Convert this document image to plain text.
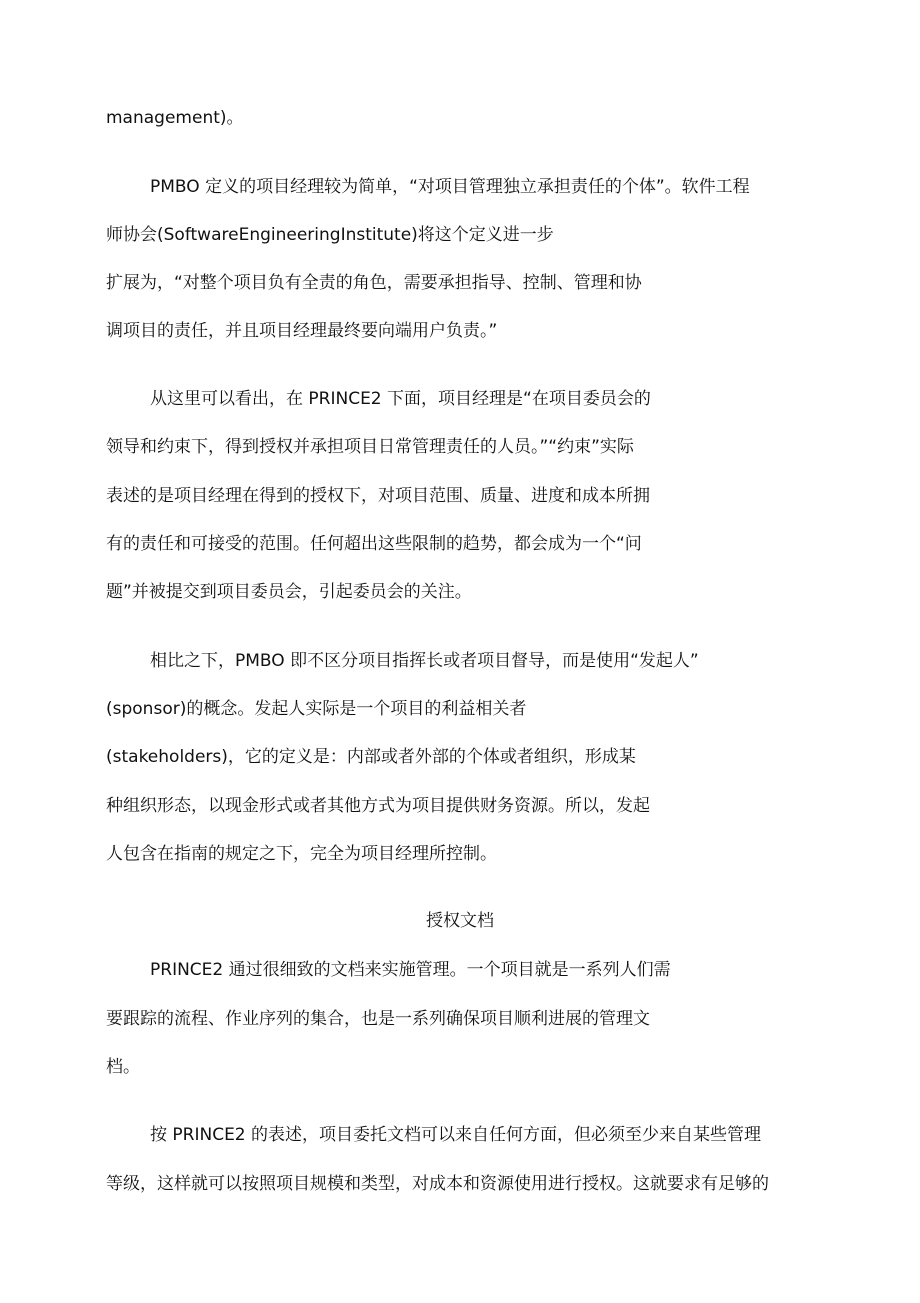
management)。
PMBO 定义的项目经理较为简单，“对项目管理独立承担责任的个体”。软件工程
师协会(SoftwareEngineeringInstitute)将这个定义进一步
扩展为，“对整个项目负有全责的角色，需要承担指导、控制、管理和协
调项目的责任，并且项目经理最终要向端用户负责。”
从这里可以看出，在 PRINCE2 下面，项目经理是“在项目委员会的
领导和约束下，得到授权并承担项目日常管理责任的人员。”“约束”实际
表述的是项目经理在得到的授权下，对项目范围、质量、进度和成本所拥
有的责任和可接受的范围。任何超出这些限制的趋势，都会成为一个“问
题”并被提交到项目委员会，引起委员会的关注。
相比之下，PMBO 即不区分项目指挥长或者项目督导，而是使用“发起人”
(sponsor)的概念。发起人实际是一个项目的利益相关者
(stakeholders)，它的定义是：内部或者外部的个体或者组织，形成某
种组织形态，以现金形式或者其他方式为项目提供财务资源。所以，发起
人包含在指南的规定之下，完全为项目经理所控制。
授权文档
PRINCE2 通过很细致的文档来实施管理。一个项目就是一系列人们需
要跟踪的流程、作业序列的集合，也是一系列确保项目顺利进展的管理文
档。
按 PRINCE2 的表述，项目委托文档可以来自任何方面，但必须至少来自某些管理
等级，这样就可以按照项目规模和类型，对成本和资源使用进行授权。这就要求有足够的
